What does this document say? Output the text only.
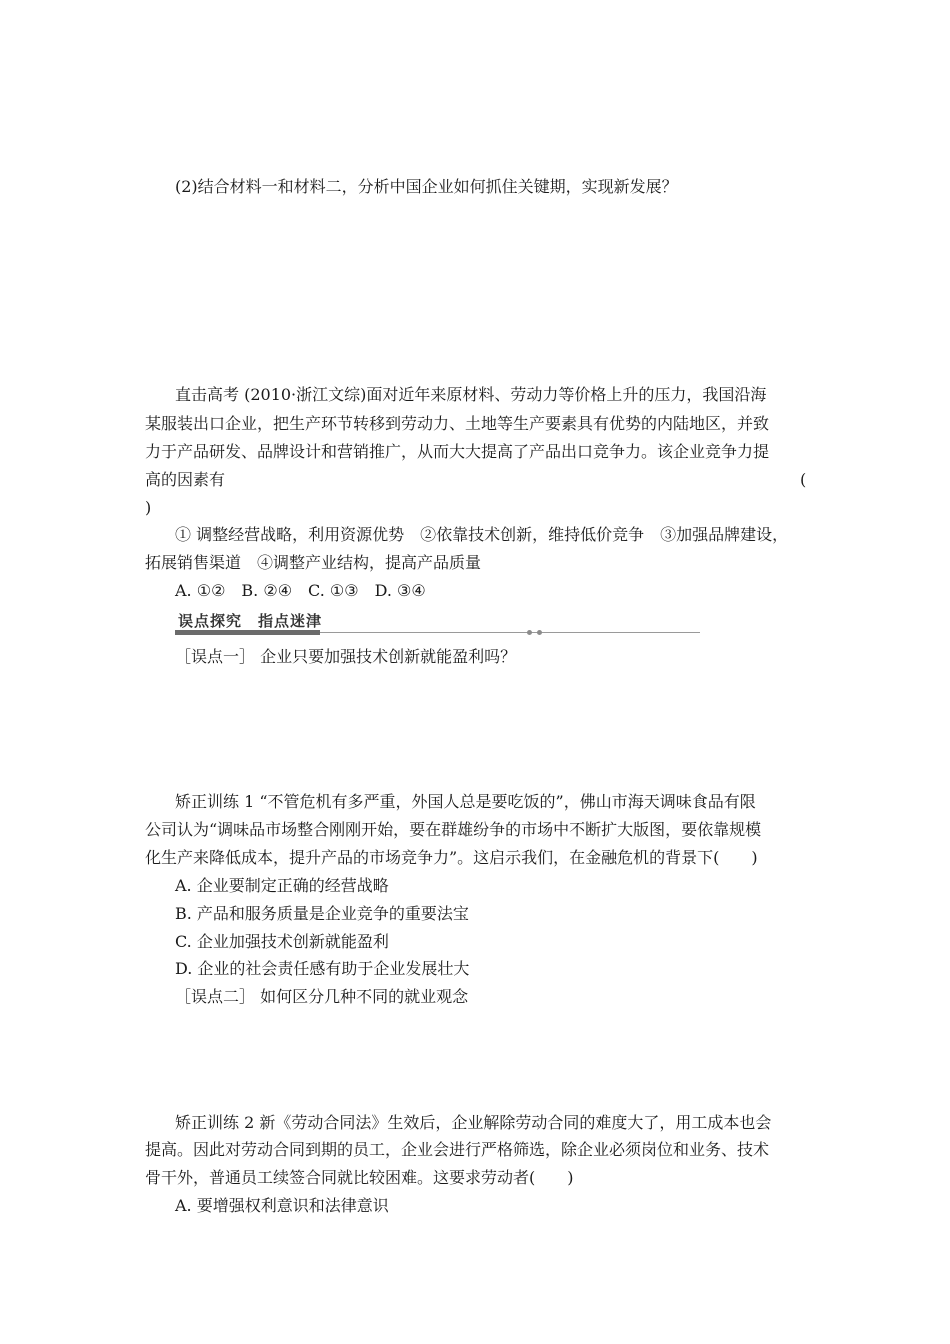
(2)结合材料一和材料二，分析中国企业如何抓住关键期，实现新发展？
直击高考 (2010·浙江文综)面对近年来原材料、劳动力等价格上升的压力，我国沿海
某服装出口企业，把生产环节转移到劳动力、土地等生产要素具有优势的内陆地区，并致
力于产品研发、品牌设计和营销推广，从而大大提高了产品出口竞争力。该企业竞争力提
高的因素有	(
)
① 调整经营战略，利用资源优势　②依靠技术创新，维持低价竞争　③加强品牌建设，
拓展销售渠道　④调整产业结构，提高产品质量
A. ①②　B. ②④　C. ①③　D. ③④
误点探究　指点迷津
［误点一］ 企业只要加强技术创新就能盈利吗？
矫正训练 1 “不管危机有多严重，外国人总是要吃饭的”，佛山市海天调味食品有限
公司认为“调味品市场整合刚刚开始，要在群雄纷争的市场中不断扩大版图，要依靠规模
化生产来降低成本，提升产品的市场竞争力”。这启示我们，在金融危机的背景下(　　)
A. 企业要制定正确的经营战略
B. 产品和服务质量是企业竞争的重要法宝
C. 企业加强技术创新就能盈利
D. 企业的社会责任感有助于企业发展壮大
［误点二］ 如何区分几种不同的就业观念
矫正训练 2 新《劳动合同法》生效后，企业解除劳动合同的难度大了，用工成本也会
提高。因此对劳动合同到期的员工，企业会进行严格筛选，除企业必须岗位和业务、技术
骨干外，普通员工续签合同就比较困难。这要求劳动者(　　)
A. 要增强权利意识和法律意识
